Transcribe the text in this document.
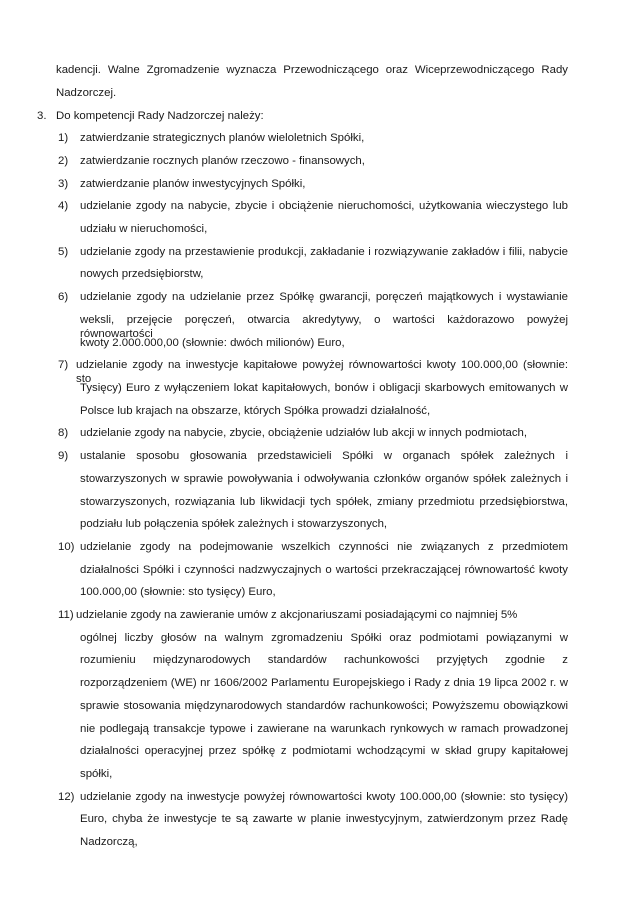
kadencji. Walne Zgromadzenie wyznacza Przewodniczącego oraz Wiceprzewodniczącego Rady
Nadzorczej.
3. Do kompetencji Rady Nadzorczej należy:
1) zatwierdzanie strategicznych planów wieloletnich Spółki,
2) zatwierdzanie rocznych planów rzeczowo - finansowych,
3) zatwierdzanie planów inwestycyjnych Spółki,
4) udzielanie zgody na nabycie, zbycie i obciążenie nieruchomości, użytkowania wieczystego lub
udziału w nieruchomości,
5) udzielanie zgody na przestawienie produkcji, zakładanie i rozwiązywanie zakładów i filii, nabycie
nowych przedsiębiorstw,
6) udzielanie zgody na udzielanie przez Spółkę gwarancji, poręczeń majątkowych i wystawianie
weksli, przejęcie poręczeń, otwarcia akredytywy, o wartości każdorazowo powyżej równowartości
kwoty 2.000.000,00 (słownie: dwóch milionów) Euro,
7) udzielanie zgody na inwestycje kapitałowe powyżej równowartości kwoty 100.000,00 (słownie: sto
Tysięcy) Euro z wyłączeniem lokat kapitałowych, bonów i obligacji skarbowych emitowanych w
Polsce lub krajach na obszarze, których Spółka prowadzi działalność,
8) udzielanie zgody na nabycie, zbycie, obciążenie udziałów lub akcji w innych podmiotach,
9) ustalanie sposobu głosowania przedstawicieli Spółki w organach spółek zależnych i
stowarzyszonych w sprawie powoływania i odwoływania członków organów spółek zależnych i
stowarzyszonych, rozwiązania lub likwidacji tych spółek, zmiany przedmiotu przedsiębiorstwa,
podziału lub połączenia spółek zależnych i stowarzyszonych,
10) udzielanie zgody na podejmowanie wszelkich czynności nie związanych z przedmiotem
działalności Spółki i czynności nadzwyczajnych o wartości przekraczającej równowartość kwoty
100.000,00 (słownie: sto tysięcy) Euro,
11) udzielanie zgody na zawieranie umów z akcjonariuszami posiadającymi co najmniej 5%
ogólnej liczby głosów na walnym zgromadzeniu Spółki oraz podmiotami powiązanymi w
rozumieniu międzynarodowych standardów rachunkowości przyjętych zgodnie z
rozporządzeniem (WE) nr 1606/2002 Parlamentu Europejskiego i Rady z dnia 19 lipca 2002 r. w
sprawie stosowania międzynarodowych standardów rachunkowości; Powyższemu obowiązkowi
nie podlegają transakcje typowe i zawierane na warunkach rynkowych w ramach prowadzonej
działalności operacyjnej przez spółkę z podmiotami wchodzącymi w skład grupy kapitałowej
spółki,
12) udzielanie zgody na inwestycje powyżej równowartości kwoty 100.000,00 (słownie: sto tysięcy)
Euro, chyba że inwestycje te są zawarte w planie inwestycyjnym, zatwierdzonym przez Radę
Nadzorczą,
